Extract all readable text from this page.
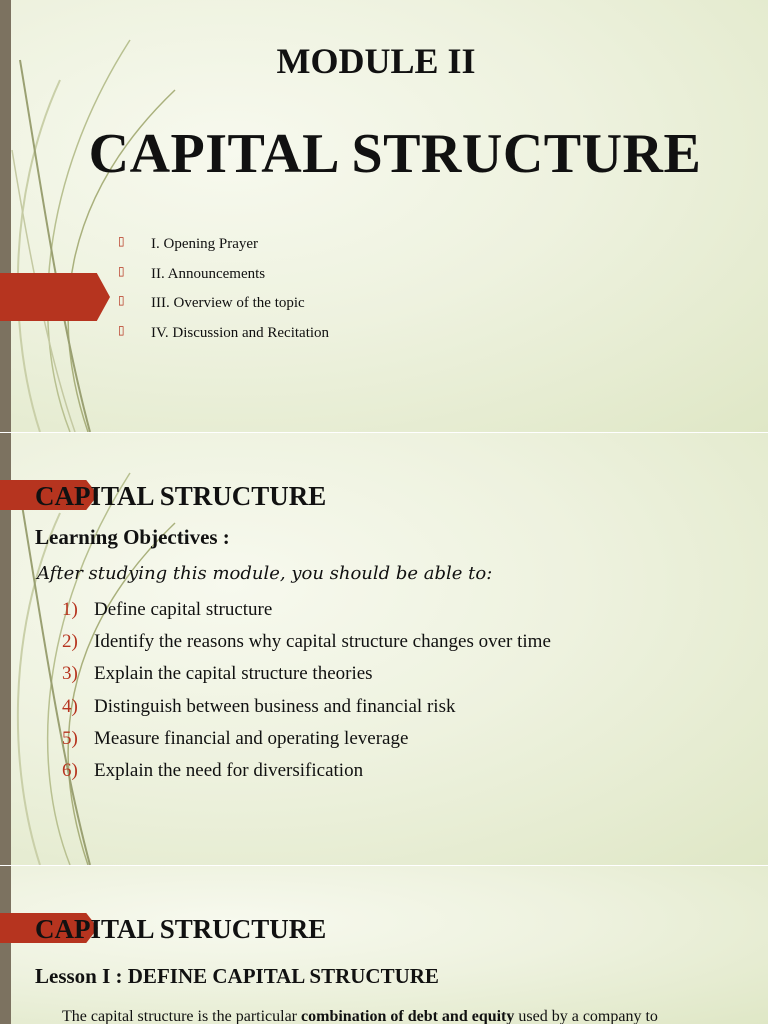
MODULE II
CAPITAL STRUCTURE
▯ I. Opening Prayer
▯ II. Announcements
▯ III. Overview of the topic
▯ IV. Discussion and Recitation
CAPITAL STRUCTURE
Learning Objectives :
After studying this module, you should be able to:
1) Define capital structure
2) Identify the reasons why capital structure changes over time
3) Explain the capital structure theories
4) Distinguish between business and financial risk
5) Measure financial and operating leverage
6) Explain the need for diversification
CAPITAL STRUCTURE
Lesson I : DEFINE CAPITAL STRUCTURE
The capital structure is the particular combination of debt and equity used by a company to
